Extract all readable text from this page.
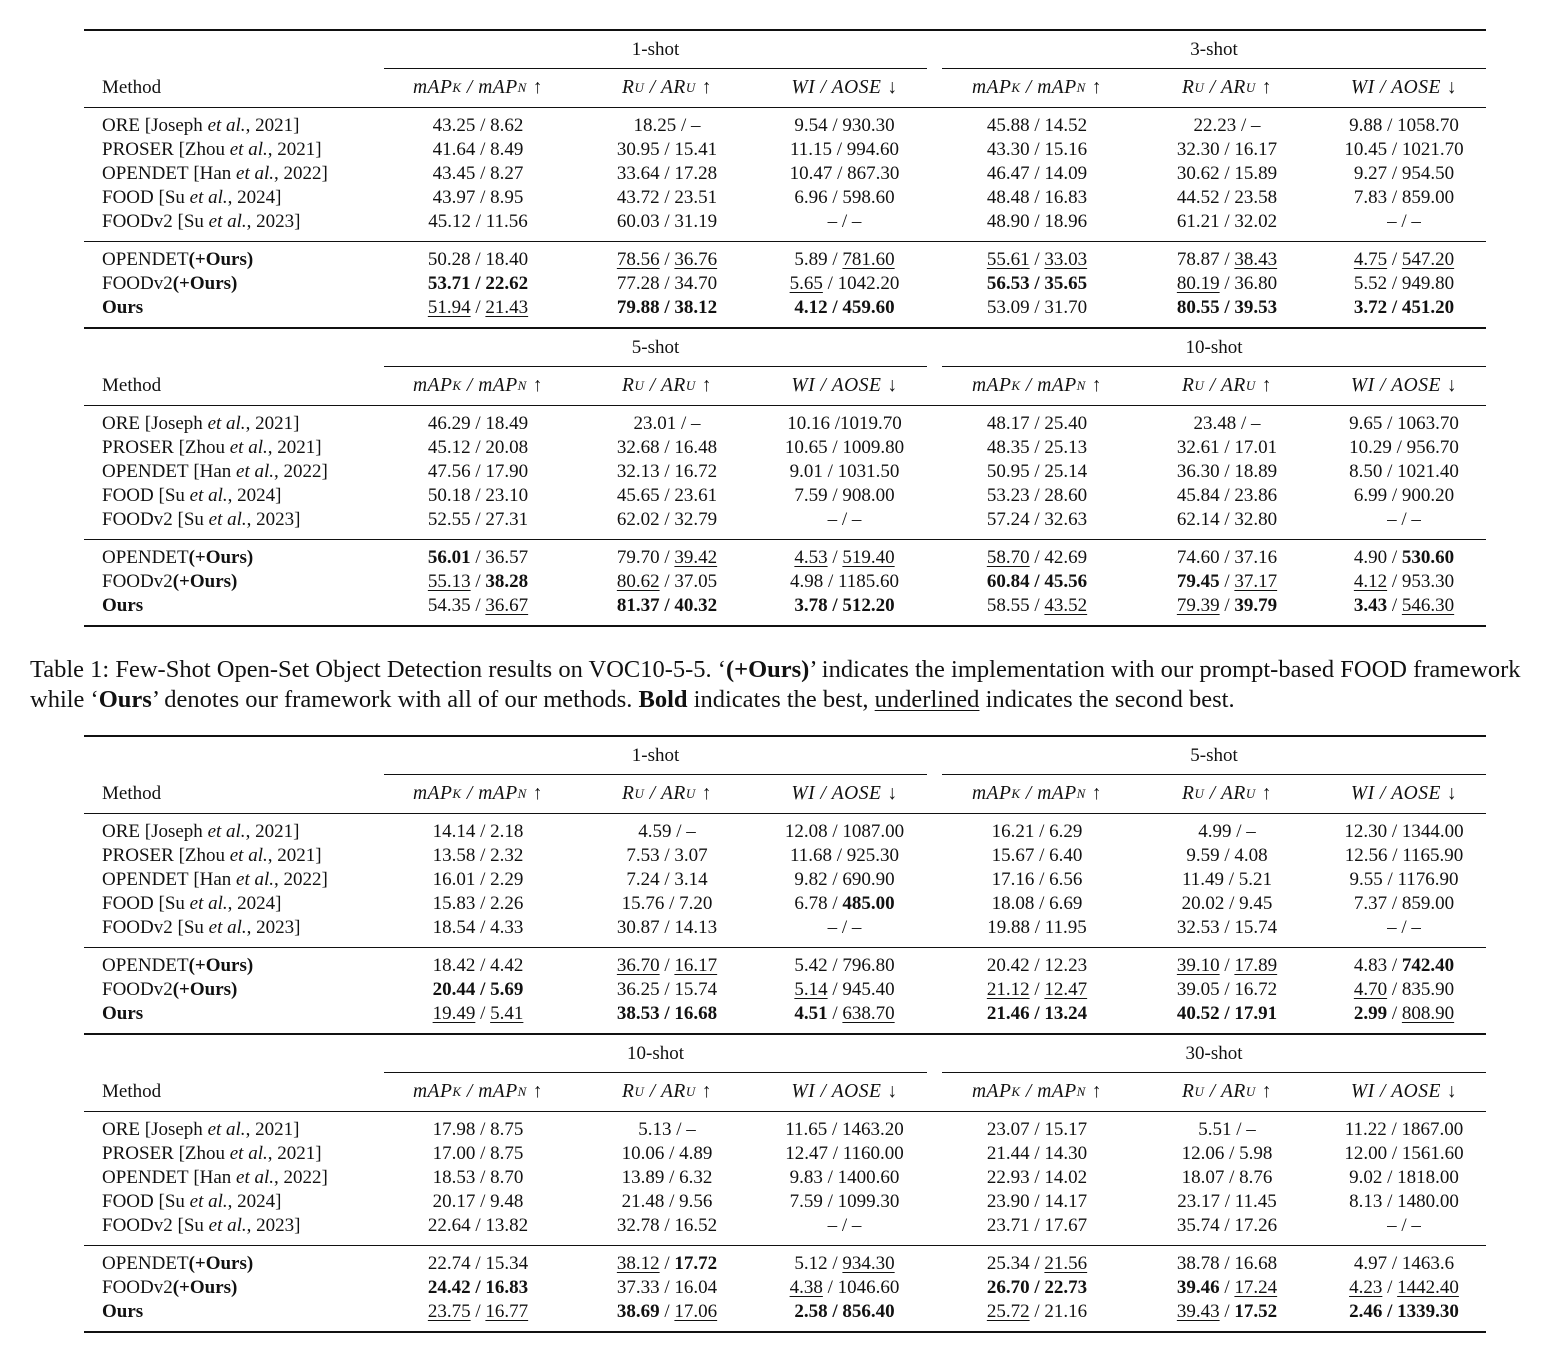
1-shot	3-shot
Method	mAP K / mAP N ↑	R U / AR U ↑	WI / AOSE ↓	mAP K / mAP N ↑	R U / AR U ↑	WI / AOSE ↓
ORE [ Joseph
et al. , 2021 ]	43.25 / 8.62	18.25 / –	9.54 / 930.30	45.88 / 14.52	22.23 / –	9.88 / 1058.70
PROSER [ Zhou
et al. , 2021 ]	41.64 / 8.49	30.95 / 15.41	11.15 / 994.60	43.30 / 15.16	32.30 / 16.17	10.45 / 1021.70
OPENDET [ Han
et al. , 2022 ]	43.45 / 8.27	33.64 / 17.28	10.47 / 867.30	46.47 / 14.09	30.62 / 15.89	9.27 / 954.50
FOOD [ Su
et al. , 2024 ]	43.97 / 8.95	43.72 / 23.51	6.96 / 598.60	48.48 / 16.83	44.52 / 23.58	7.83 / 859.00
FOODv2 [ Su
et al. , 2023 ]	45.12 / 11.56	60.03 / 31.19	– / –	48.90 / 18.96	61.21 / 32.02	– / –
OPENDET (+Ours)	50.28 / 18.40	78.56 / 36.76	5.89 / 781.60	55.61 / 33.03	78.87 / 38.43	4.75 / 547.20
FOODv2 (+Ours)	53.71 / 22.62	77.28 / 34.70	5.65 / 1042.20	56.53 / 35.65	80.19 / 36.80	5.52 / 949.80
Ours	51.94 / 21.43	79.88 / 38.12	4.12 / 459.60	53.09 / 31.70	80.55 / 39.53	3.72 / 451.20
5-shot	10-shot
Method	mAP K / mAP N ↑	R U / AR U ↑	WI / AOSE ↓	mAP K / mAP N ↑	R U / AR U ↑	WI / AOSE ↓
ORE [ Joseph
et al. , 2021 ]	46.29 / 18.49	23.01 / –	10.16 / 1019.70	48.17 / 25.40	23.48 / –	9.65 / 1063.70
PROSER [ Zhou
et al. , 2021 ]	45.12 / 20.08	32.68 / 16.48	10.65 / 1009.80	48.35 / 25.13	32.61 / 17.01	10.29 / 956.70
OPENDET [ Han
et al. , 2022 ]	47.56 / 17.90	32.13 / 16.72	9.01 / 1031.50	50.95 / 25.14	36.30 / 18.89	8.50 / 1021.40
FOOD [ Su
et al. , 2024 ]	50.18 / 23.10	45.65 / 23.61	7.59 / 908.00	53.23 / 28.60	45.84 / 23.86	6.99 / 900.20
FOODv2 [ Su
et al. , 2023 ]	52.55 / 27.31	62.02 / 32.79	– / –	57.24 / 32.63	62.14 / 32.80	– / –
OPENDET (+Ours)	56.01 / 36.57	79.70 / 39.42	4.53 / 519.40	58.70 / 42.69	74.60 / 37.16	4.90 / 530.60
FOODv2 (+Ours)	55.13 / 38.28	80.62 / 37.05	4.98 / 1185.60	60.84 / 45.56	79.45 / 37.17	4.12 / 953.30
Ours	54.35 / 36.67	81.37 / 40.32	3.78 / 512.20	58.55 / 43.52	79.39 / 39.79	3.43 / 546.30
Table 1: Few-Shot Open-Set Object Detection results on VOC10-5-5. ‘(+Ours)’ indicates the implementation with our prompt-based FOOD framework while ‘Ours’ denotes our framework with all of our methods. Bold indicates the best, underlined indicates the second best.
1-shot	5-shot
Method	mAP K / mAP N ↑	R U / AR U ↑	WI / AOSE ↓	mAP K / mAP N ↑	R U / AR U ↑	WI / AOSE ↓
ORE [ Joseph
et al. , 2021 ]	14.14 / 2.18	4.59 / –	12.08 / 1087.00	16.21 / 6.29	4.99 / –	12.30 / 1344.00
PROSER [ Zhou
et al. , 2021 ]	13.58 / 2.32	7.53 / 3.07	11.68 / 925.30	15.67 / 6.40	9.59 / 4.08	12.56 / 1165.90
OPENDET [ Han
et al. , 2022 ]	16.01 / 2.29	7.24 / 3.14	9.82 / 690.90	17.16 / 6.56	11.49 / 5.21	9.55 / 1176.90
FOOD [ Su
et al. , 2024 ]	15.83 / 2.26	15.76 / 7.20	6.78 / 485.00	18.08 / 6.69	20.02 / 9.45	7.37 / 859.00
FOODv2 [ Su
et al. , 2023 ]	18.54 / 4.33	30.87 / 14.13	– / –	19.88 / 11.95	32.53 / 15.74	– / –
OPENDET (+Ours)	18.42 / 4.42	36.70 / 16.17	5.42 / 796.80	20.42 / 12.23	39.10 / 17.89	4.83 / 742.40
FOODv2 (+Ours)	20.44 / 5.69	36.25 / 15.74	5.14 / 945.40	21.12 / 12.47	39.05 / 16.72	4.70 / 835.90
Ours	19.49 / 5.41	38.53 / 16.68	4.51 / 638.70	21.46 / 13.24	40.52 / 17.91	2.99 / 808.90
10-shot	30-shot
Method	mAP K / mAP N ↑	R U / AR U ↑	WI / AOSE ↓	mAP K / mAP N ↑	R U / AR U ↑	WI / AOSE ↓
ORE [ Joseph
et al. , 2021 ]	17.98 / 8.75	5.13 / –	11.65 / 1463.20	23.07 / 15.17	5.51 / –	11.22 / 1867.00
PROSER [ Zhou
et al. , 2021 ]	17.00 / 8.75	10.06 / 4.89	12.47 / 1160.00	21.44 / 14.30	12.06 / 5.98	12.00 / 1561.60
OPENDET [ Han
et al. , 2022 ]	18.53 / 8.70	13.89 / 6.32	9.83 / 1400.60	22.93 / 14.02	18.07 / 8.76	9.02 / 1818.00
FOOD [ Su
et al. , 2024 ]	20.17 / 9.48	21.48 / 9.56	7.59 / 1099.30	23.90 / 14.17	23.17 / 11.45	8.13 / 1480.00
FOODv2 [ Su
et al. , 2023 ]	22.64 / 13.82	32.78 / 16.52	– / –	23.71 / 17.67	35.74 / 17.26	– / –
OPENDET (+Ours)	22.74 / 15.34	38.12 / 17.72	5.12 / 934.30	25.34 / 21.56	38.78 / 16.68	4.97 / 1463.6
FOODv2 (+Ours)	24.42 / 16.83	37.33 / 16.04	4.38 / 1046.60	26.70 / 22.73	39.46 / 17.24	4.23 / 1442.40
Ours	23.75 / 16.77	38.69 / 17.06	2.58 / 856.40	25.72 / 21.16	39.43 / 17.52	2.46 / 1339.30
